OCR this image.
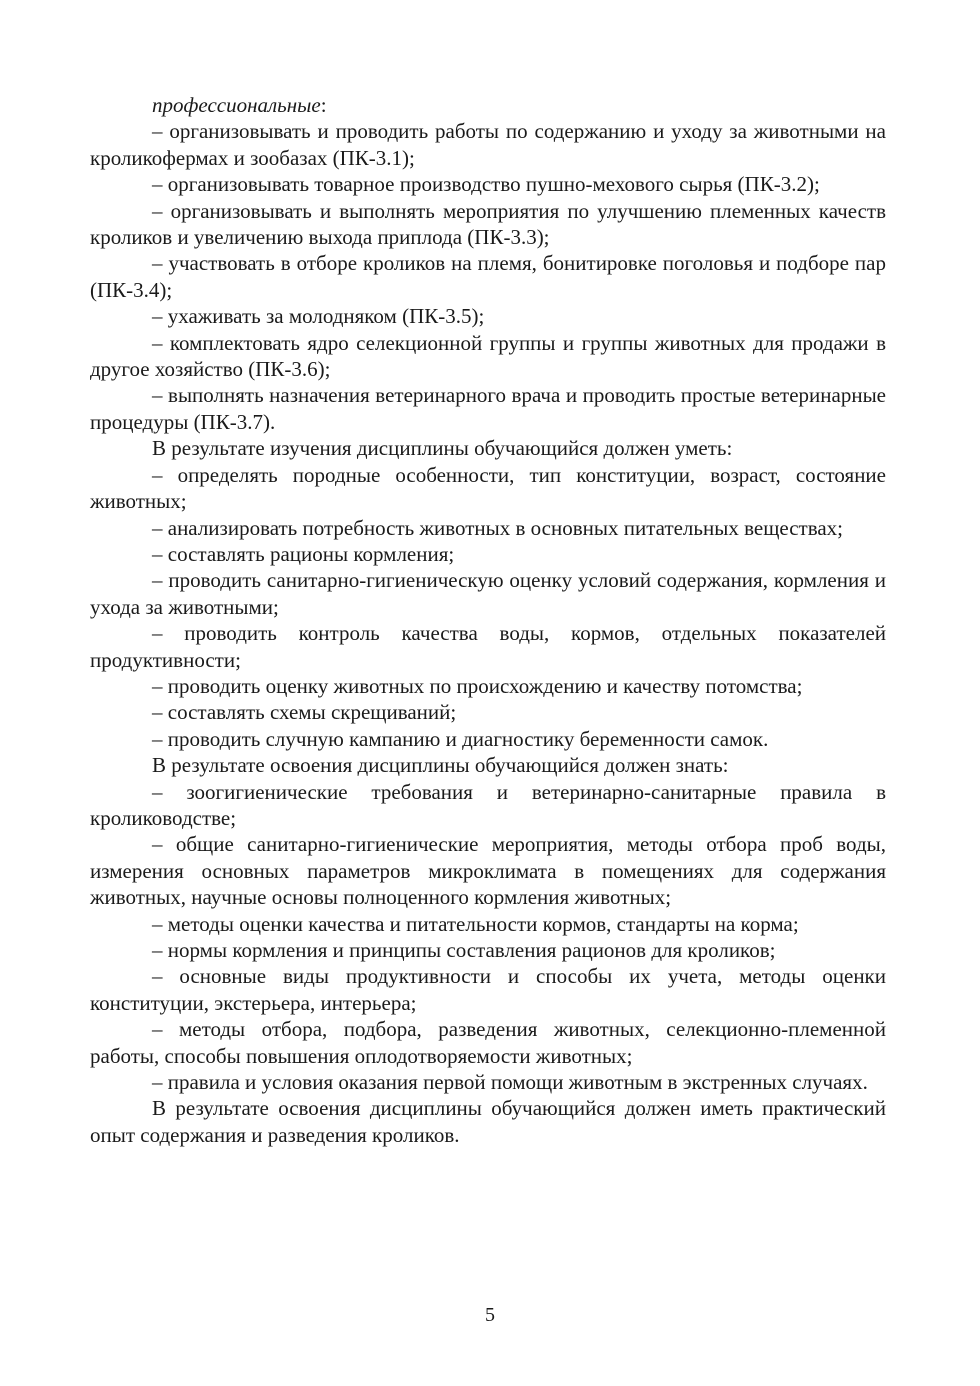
профессиональные:

– организовывать и проводить работы по содержанию и уходу за животными на кроликофермах и зообазах (ПК-3.1);

– организовывать товарное производство пушно-мехового сырья (ПК-3.2);

– организовывать и выполнять мероприятия по улучшению племенных качеств кроликов и увеличению выхода приплода (ПК-3.3);

– участвовать в отборе кроликов на племя, бонитировке поголовья и подборе пар (ПК-3.4);

– ухаживать за молодняком (ПК-3.5);

– комплектовать ядро селекционной группы и группы животных для продажи в другое хозяйство (ПК-3.6);

– выполнять назначения ветеринарного врача и проводить простые ветеринарные процедуры (ПК-3.7).

В результате изучения дисциплины обучающийся должен уметь:

– определять породные особенности, тип конституции, возраст, состояние животных;

– анализировать потребность животных в основных питательных веществах;

– составлять рационы кормления;

– проводить санитарно-гигиеническую оценку условий содержания, кормления и ухода за животными;

– проводить контроль качества воды, кормов, отдельных показателей продуктивности;

– проводить оценку животных по происхождению и качеству потомства;

– составлять схемы скрещиваний;

– проводить случную кампанию и диагностику беременности самок.

В результате освоения дисциплины обучающийся должен знать:

– зоогигиенические требования и ветеринарно-санитарные правила в кролиководстве;

– общие санитарно-гигиенические мероприятия, методы отбора проб воды, измерения основных параметров микроклимата в помещениях для содержания животных, научные основы полноценного кормления животных;

– методы оценки качества и питательности кормов, стандарты на корма;

– нормы кормления и принципы составления рационов для кроликов;

– основные виды продуктивности и способы их учета, методы оценки конституции, экстерьера, интерьера;

– методы отбора, подбора, разведения животных, селекционно-племенной работы, способы повышения оплодотворяемости животных;

– правила и условия оказания первой помощи животным в экстренных случаях.

В результате освоения дисциплины обучающийся должен иметь практический опыт содержания и разведения кроликов.

5
